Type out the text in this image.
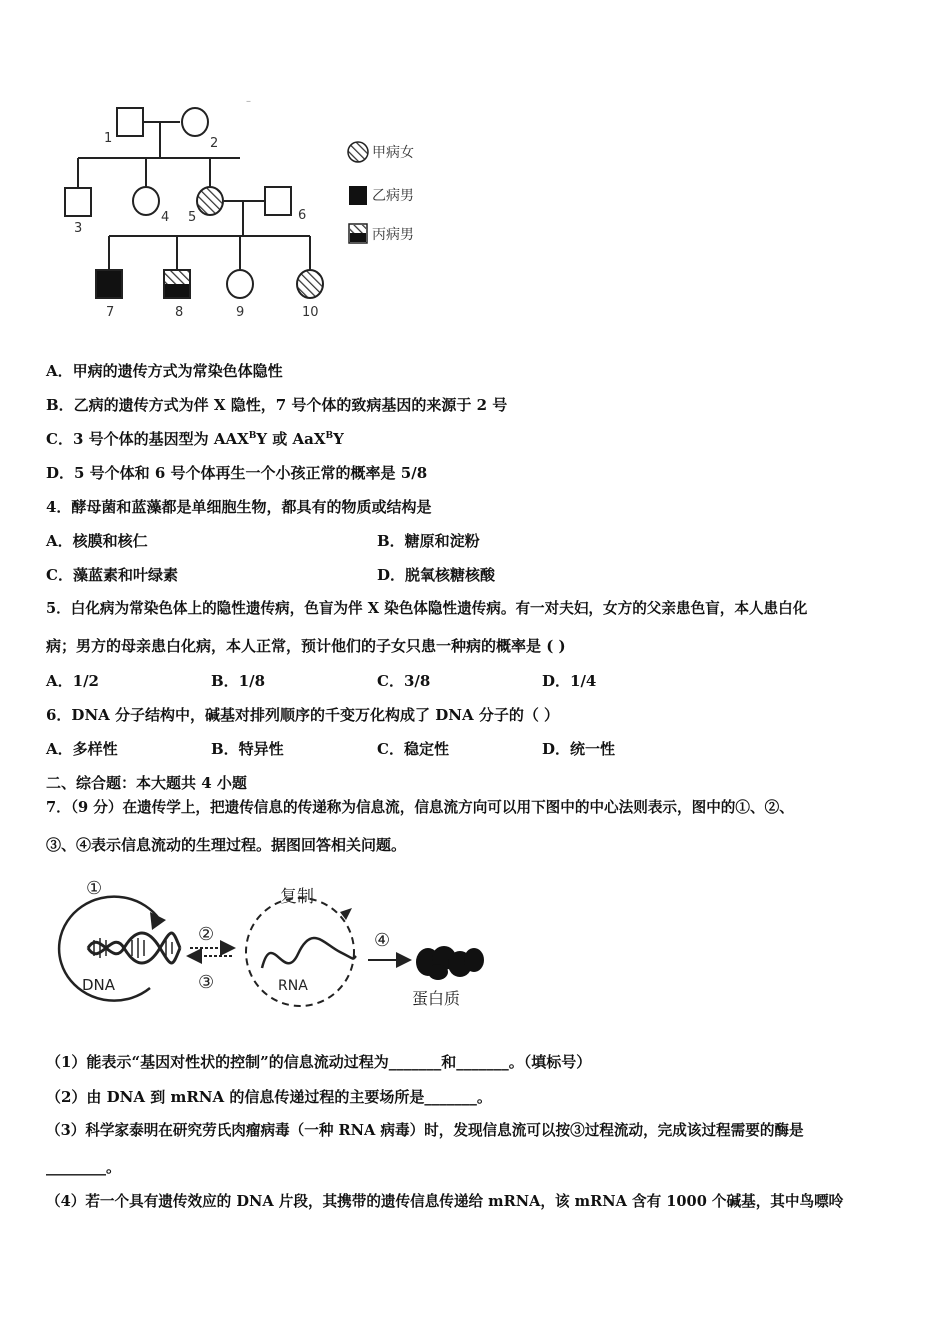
1	2
3
4 5	6
7	8	9	10
–
甲病女
乙病男
丙病男
A．甲病的遗传方式为常染色体隐性
B．乙病的遗传方式为伴 X 隐性，7 号个体的致病基因的来源于 2 号
C．3 号个体的基因型为 $AAX^BY$ 或 AaX$^B$Y
D．5 号个体和 6 号个体再生一个小孩正常的概率是 5/8
4．酵母菌和蓝藻都是单细胞生物，都具有的物质或结构是
A．核膜和核仁	B．糖原和淀粉
C．藻蓝素和叶绿素	D．脱氧核糖核酸
5．白化病为常染色体上的隐性遗传病，色盲为伴 X 染色体隐性遗传病。有一对夫妇，女方的父亲患色盲，本人患白化
病；男方的母亲患白化病，本人正常，预计他们的子女只患一种病的概率是 ( )
A．1/2	B．1/8	C．3/8	D．1/4
6．DNA 分子结构中，碱基对排列顺序的千变万化构成了 DNA 分子的（ ）
A．多样性	B．特异性	C．稳定性	D．统一性
二、综合题：本大题共 4 小题
7．（9 分）在遗传学上，把遗传信息的传递称为信息流，信息流方向可以用下图中的中心法则表示，图中的①、②、
③、④表示信息流动的生理过程。据图回答相关问题。
DNA
①
②
③
复制
RNA
④
蛋白质
（1）能表示“基因对性状的控制”的信息流动过程为_______和_______。（填标号）
（2）由 DNA 到 mRNA 的信息传递过程的主要场所是_______。
（3）科学家泰明在研究劳氏肉瘤病毒（一种 RNA 病毒）时，发现信息流可以按③过程流动，完成该过程需要的酶是
________。
（4）若一个具有遗传效应的 DNA 片段，其携带的遗传信息传递给 mRNA，该 mRNA 含有 1000 个碱基，其中鸟嘌呤
